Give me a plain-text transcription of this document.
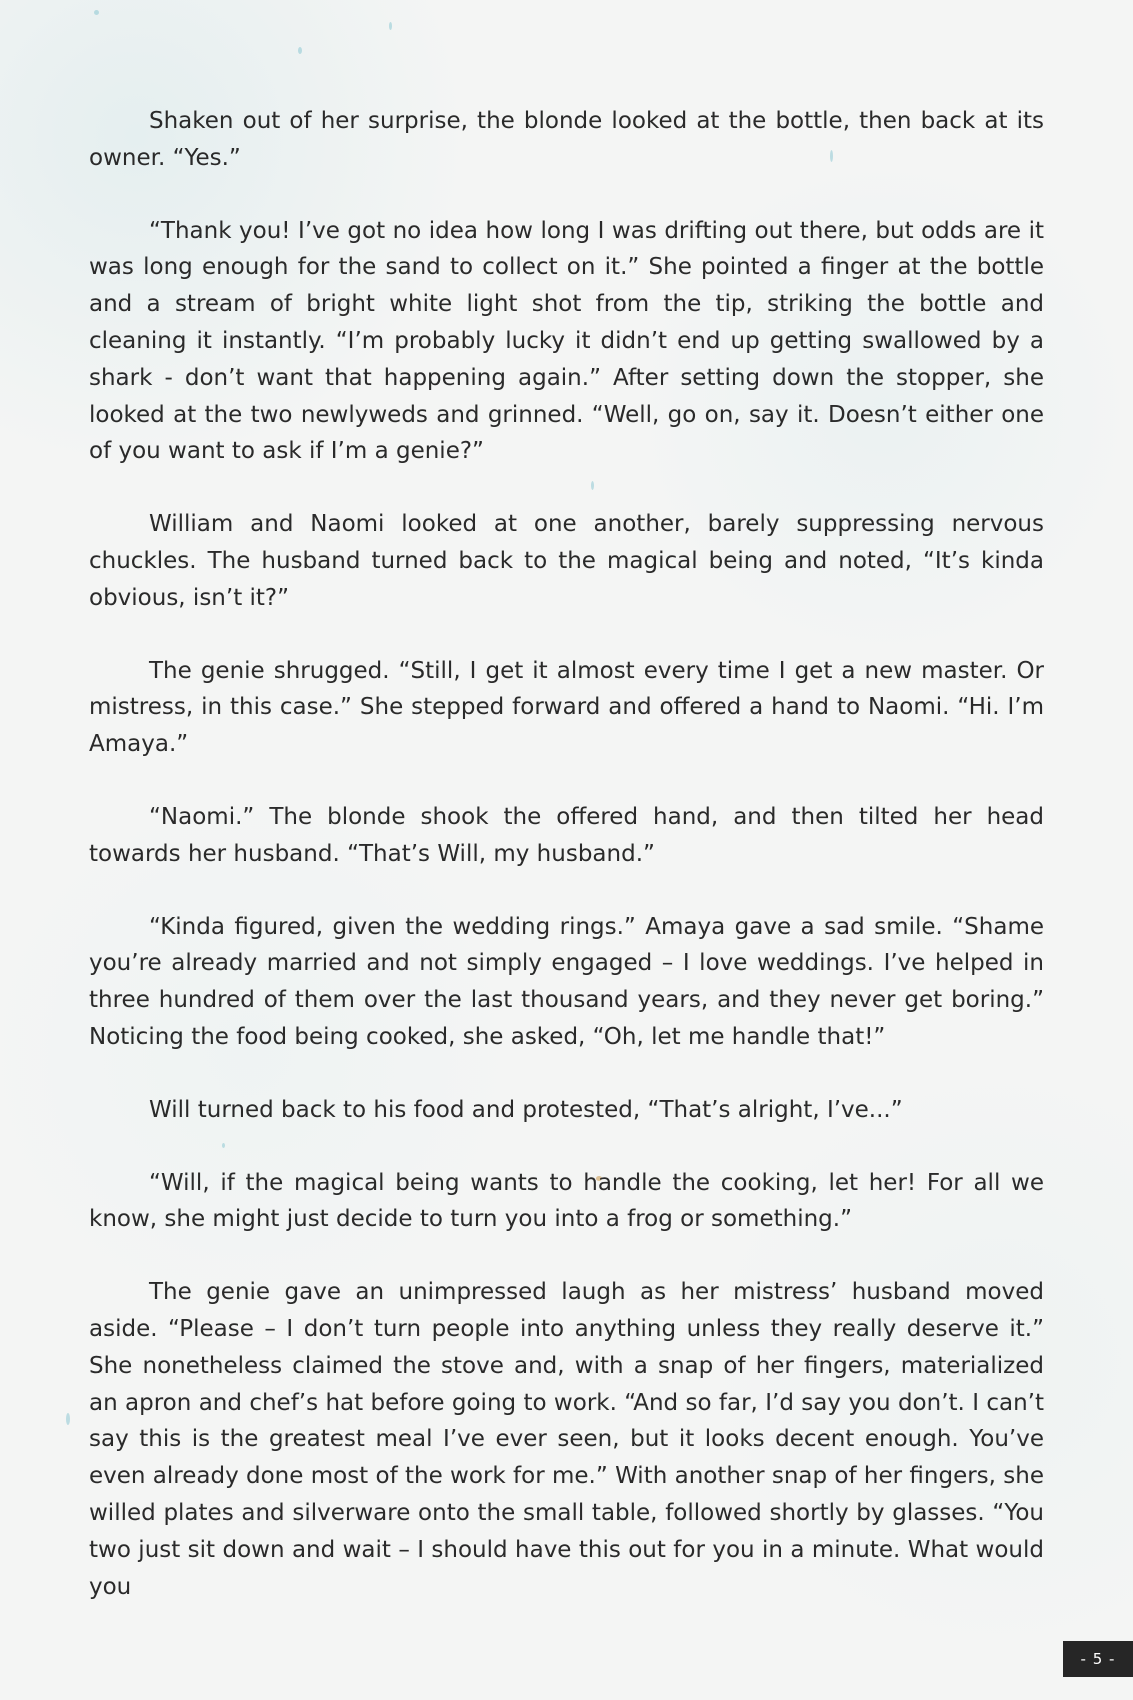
Shaken out of her surprise, the blonde looked at the bottle, then back at its owner. “Yes.”

“Thank you! I’ve got no idea how long I was drifting out there, but odds are it was long enough for the sand to collect on it.” She pointed a finger at the bottle and a stream of bright white light shot from the tip, striking the bottle and cleaning it instantly. “I’m probably lucky it didn’t end up getting swallowed by a shark - don’t want that happening again.” After setting down the stopper, she looked at the two newlyweds and grinned. “Well, go on, say it. Doesn’t either one of you want to ask if I’m a genie?”

William and Naomi looked at one another, barely suppressing nervous chuckles. The husband turned back to the magical being and noted, “It’s kinda obvious, isn’t it?”

The genie shrugged. “Still, I get it almost every time I get a new master. Or mistress, in this case.” She stepped forward and offered a hand to Naomi. “Hi. I’m Amaya.”

“Naomi.” The blonde shook the offered hand, and then tilted her head towards her husband. “That’s Will, my husband.”

“Kinda figured, given the wedding rings.” Amaya gave a sad smile. “Shame you’re already married and not simply engaged – I love weddings. I’ve helped in three hundred of them over the last thousand years, and they never get boring.” Noticing the food being cooked, she asked, “Oh, let me handle that!”

Will turned back to his food and protested, “That’s alright, I’ve...”

“Will, if the magical being wants to handle the cooking, let her! For all we know, she might just decide to turn you into a frog or something.”

The genie gave an unimpressed laugh as her mistress’ husband moved aside. “Please – I don’t turn people into anything unless they really deserve it.” She nonetheless claimed the stove and, with a snap of her fingers, materialized an apron and chef’s hat before going to work. “And so far, I’d say you don’t. I can’t say this is the greatest meal I’ve ever seen, but it looks decent enough. You’ve even already done most of the work for me.” With another snap of her fingers, she willed plates and silverware onto the small table, followed shortly by glasses. “You two just sit down and wait – I should have this out for you in a minute. What would you

- 5 -
